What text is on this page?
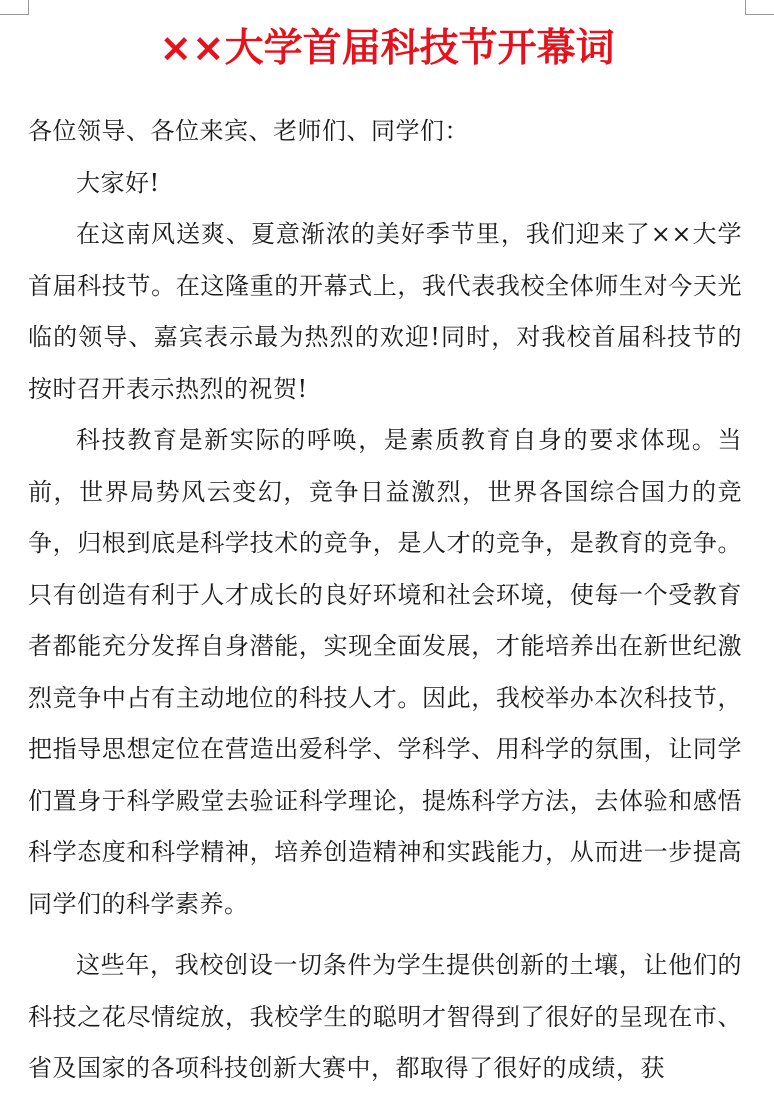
××大学首届科技节开幕词

各位领导、各位来宾、老师们、同学们：

大家好!

在这南风送爽、夏意渐浓的美好季节里，我们迎来了××大学首届科技节。在这隆重的开幕式上，我代表我校全体师生对今天光临的领导、嘉宾表示最为热烈的欢迎!同时，对我校首届科技节的按时召开表示热烈的祝贺!

科技教育是新实际的呼唤，是素质教育自身的要求体现。当前，世界局势风云变幻，竞争日益激烈，世界各国综合国力的竞争，归根到底是科学技术的竞争，是人才的竞争，是教育的竞争。只有创造有利于人才成长的良好环境和社会环境，使每一个受教育者都能充分发挥自身潜能，实现全面发展，才能培养出在新世纪激烈竞争中占有主动地位的科技人才。因此，我校举办本次科技节，把指导思想定位在营造出爱科学、学科学、用科学的氛围，让同学们置身于科学殿堂去验证科学理论，提炼科学方法，去体验和感悟科学态度和科学精神，培养创造精神和实践能力，从而进一步提高同学们的科学素养。

这些年，我校创设一切条件为学生提供创新的土壤，让他们的科技之花尽情绽放，我校学生的聪明才智得到了很好的呈现在市、省及国家的各项科技创新大赛中，都取得了很好的成绩，获
